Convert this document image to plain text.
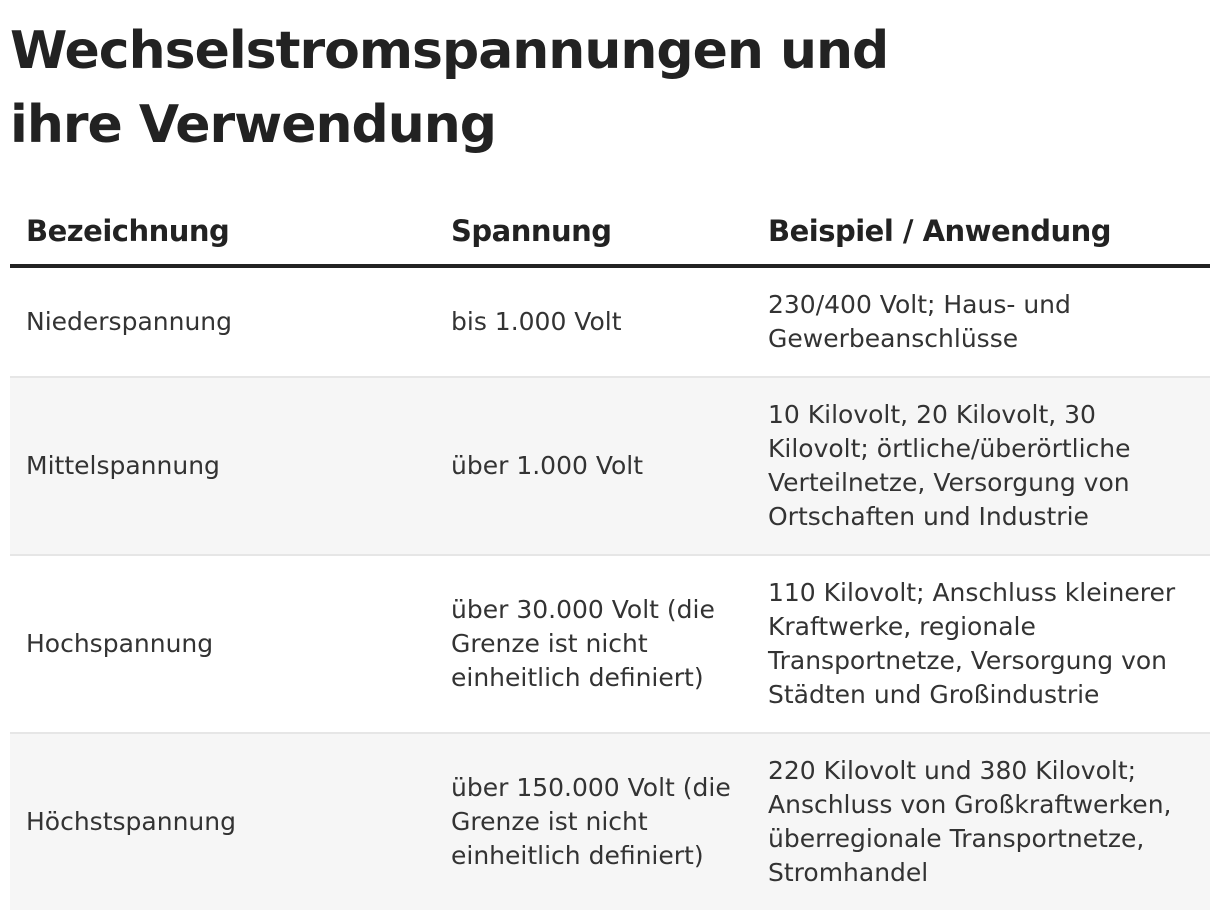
Wechselstromspannungen und ihre Verwendung
Bezeichnung	Spannung	Beispiel / Anwendung
Niederspannung	bis 1.000 Volt	230/400 Volt; Haus- und Gewerbeanschlüsse
Mittelspannung	über 1.000 Volt	10 Kilovolt, 20 Kilovolt, 30 Kilovolt; örtliche/überörtliche Verteilnetze, Versorgung von Ortschaften und Industrie
Hochspannung	über 30.000 Volt (die Grenze ist nicht einheitlich definiert)	110 Kilovolt; Anschluss kleinerer Kraftwerke, regionale Transportnetze, Versorgung von Städten und Großindustrie
Höchstspannung	über 150.000 Volt (die Grenze ist nicht einheitlich definiert)	220 Kilovolt und 380 Kilovolt; Anschluss von Großkraftwerken, überregionale Transportnetze, Stromhandel
